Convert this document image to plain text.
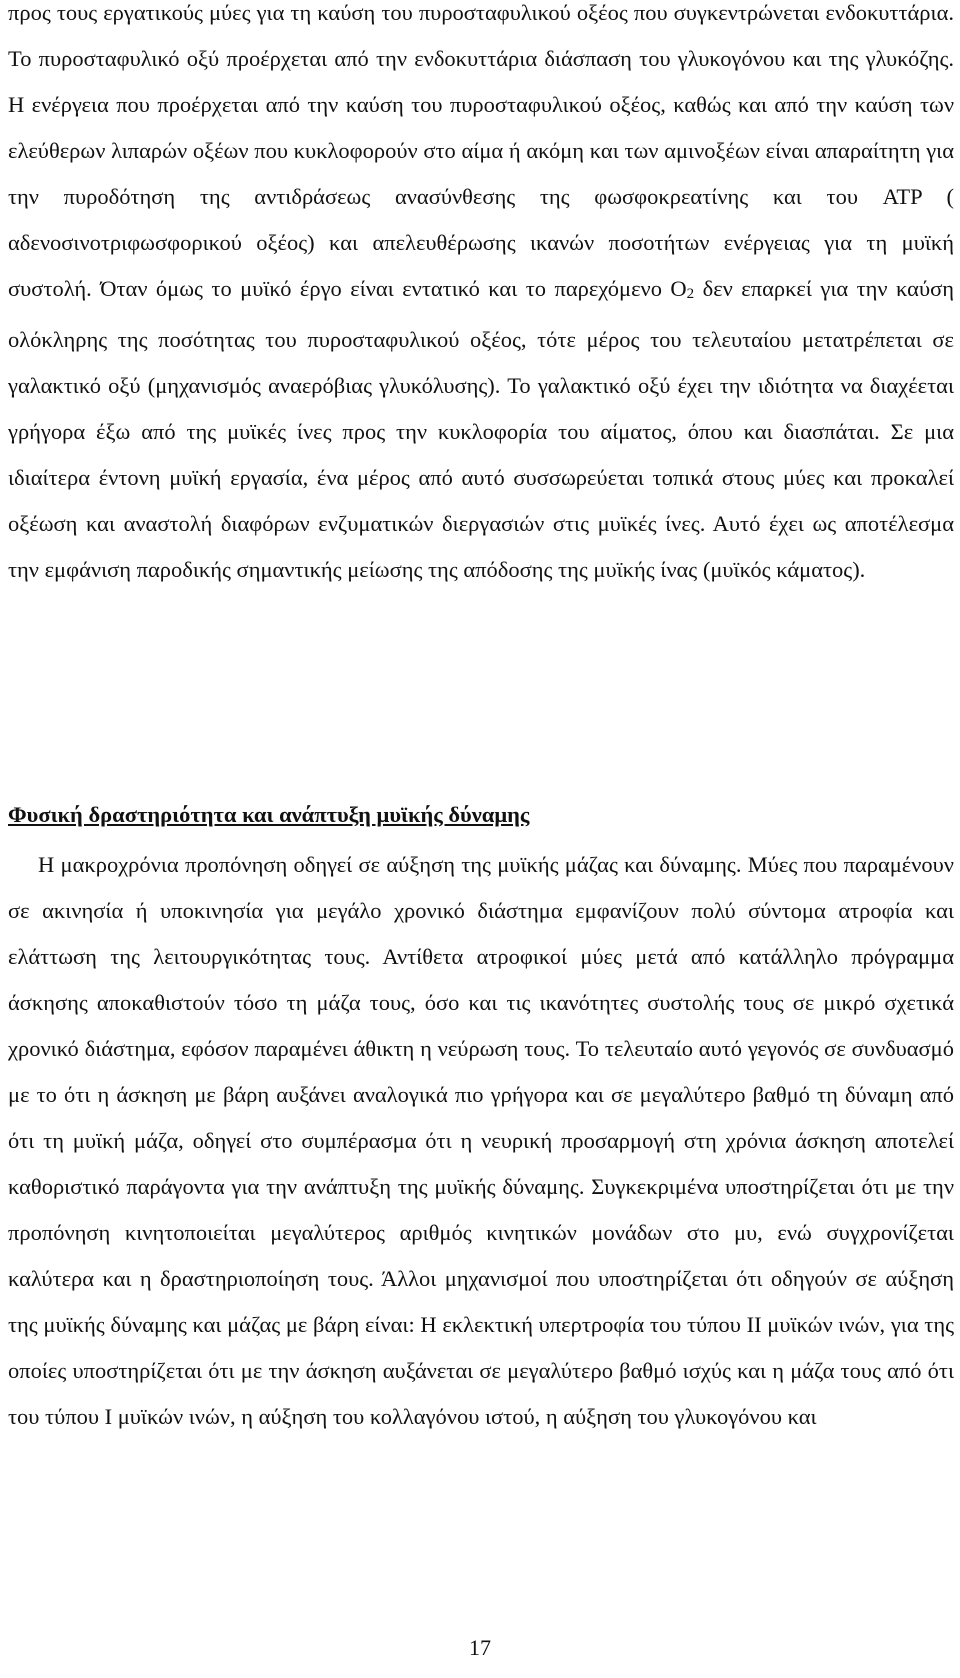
προς τους εργατικούς μύες για τη καύση του πυροσταφυλικού οξέος που συγκεντρώνεται ενδοκυττάρια. Το πυροσταφυλικό οξύ προέρχεται από την ενδοκυττάρια διάσπαση του γλυκογόνου και της γλυκόζης. Η ενέργεια που προέρχεται από την καύση του πυροσταφυλικού οξέος, καθώς και από την καύση των ελεύθερων λιπαρών οξέων που κυκλοφορούν στο αίμα ή ακόμη και των αμινοξέων είναι απαραίτητη για την πυροδότηση της αντιδράσεως ανασύνθεσης της φωσφοκρεατίνης και του ATP ( αδενοσινοτριφωσφορικού οξέος) και απελευθέρωσης ικανών ποσοτήτων ενέργειας για τη μυϊκή συστολή. Όταν όμως το μυϊκό έργο είναι εντατικό και το παρεχόμενο O2 δεν επαρκεί για την καύση ολόκληρης της ποσότητας του πυροσταφυλικού οξέος, τότε μέρος του τελευταίου μετατρέπεται σε γαλακτικό οξύ (μηχανισμός αναερόβιας γλυκόλυσης). Το γαλακτικό οξύ έχει την ιδιότητα να διαχέεται γρήγορα έξω από της μυϊκές ίνες προς την κυκλοφορία του αίματος, όπου και διασπάται. Σε μια ιδιαίτερα έντονη μυϊκή εργασία, ένα μέρος από αυτό συσσωρεύεται τοπικά στους μύες και προκαλεί οξέωση και αναστολή διαφόρων ενζυματικών διεργασιών στις μυϊκές ίνες. Αυτό έχει ως αποτέλεσμα την εμφάνιση παροδικής σημαντικής μείωσης της απόδοσης της μυϊκής ίνας (μυϊκός κάματος).

Φυσική δραστηριότητα και ανάπτυξη μυϊκής δύναμης

Η μακροχρόνια προπόνηση οδηγεί σε αύξηση της μυϊκής μάζας και δύναμης. Μύες που παραμένουν σε ακινησία ή υποκινησία για μεγάλο χρονικό διάστημα εμφανίζουν πολύ σύντομα ατροφία και ελάττωση της λειτουργικότητας τους. Αντίθετα ατροφικοί μύες μετά από κατάλληλο πρόγραμμα άσκησης αποκαθιστούν τόσο τη μάζα τους, όσο και τις ικανότητες συστολής τους σε μικρό σχετικά χρονικό διάστημα, εφόσον παραμένει άθικτη η νεύρωση τους. Το τελευταίο αυτό γεγονός σε συνδυασμό με το ότι η άσκηση με βάρη αυξάνει αναλογικά πιο γρήγορα και σε μεγαλύτερο βαθμό τη δύναμη από ότι τη μυϊκή μάζα, οδηγεί στο συμπέρασμα ότι η νευρική προσαρμογή στη χρόνια άσκηση αποτελεί καθοριστικό παράγοντα για την ανάπτυξη της μυϊκής δύναμης. Συγκεκριμένα υποστηρίζεται ότι με την προπόνηση κινητοποιείται μεγαλύτερος αριθμός κινητικών μονάδων στο μυ, ενώ συγχρονίζεται καλύτερα και η δραστηριοποίηση τους. Άλλοι μηχανισμοί που υποστηρίζεται ότι οδηγούν σε αύξηση της μυϊκής δύναμης και μάζας με βάρη είναι: Η εκλεκτική υπερτροφία του τύπου ΙΙ μυϊκών ινών, για της οποίες υποστηρίζεται ότι με την άσκηση αυξάνεται σε μεγαλύτερο βαθμό ισχύς και η μάζα τους από ότι του τύπου Ι μυϊκών ινών, η αύξηση του κολλαγόνου ιστού, η αύξηση του γλυκογόνου και

17
